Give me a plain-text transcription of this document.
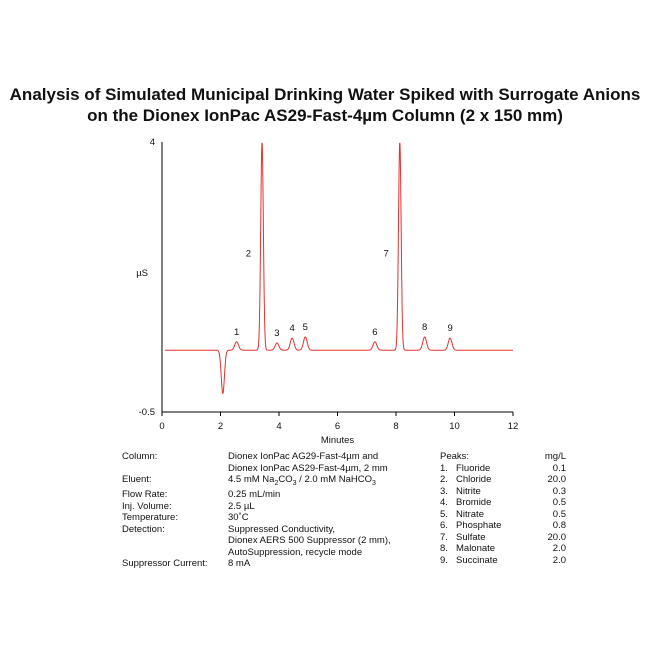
Analysis of Simulated Municipal Drinking Water Spiked with Surrogate Anions
on the Dionex IonPac AS29-Fast-4µm Column (2 x 150 mm)
0	2	4	6	8	10	12
4
-0.5
Minutes
µS
1
2
3 4 5	6
7
8 9
Column:	Dionex IonPac AG29-Fast-4µm and
Dionex IonPac AS29-Fast-4µm, 2 mm
Eluent:	4.5 mM $Na_2CO_3 / 2.0$ mM NaHCO$_3$
Flow Rate:	0.25 mL/min
Inj. Volume:	2.5 µL
Temperature:	30˚C
Detection:	Suppressed Conductivity,
Dionex AERS 500 Suppressor (2 mm),
AutoSuppression, recycle mode
Suppressor Current:	8 mA
Peaks:	mg/L
1. Fluoride	0.1
2. Chloride	20.0
3. Nitrite	0.3
4. Bromide	0.5
5. Nitrate	0.5
6. Phosphate	0.8
7. Sulfate	20.0
8. Malonate	2.0
9. Succinate	2.0
